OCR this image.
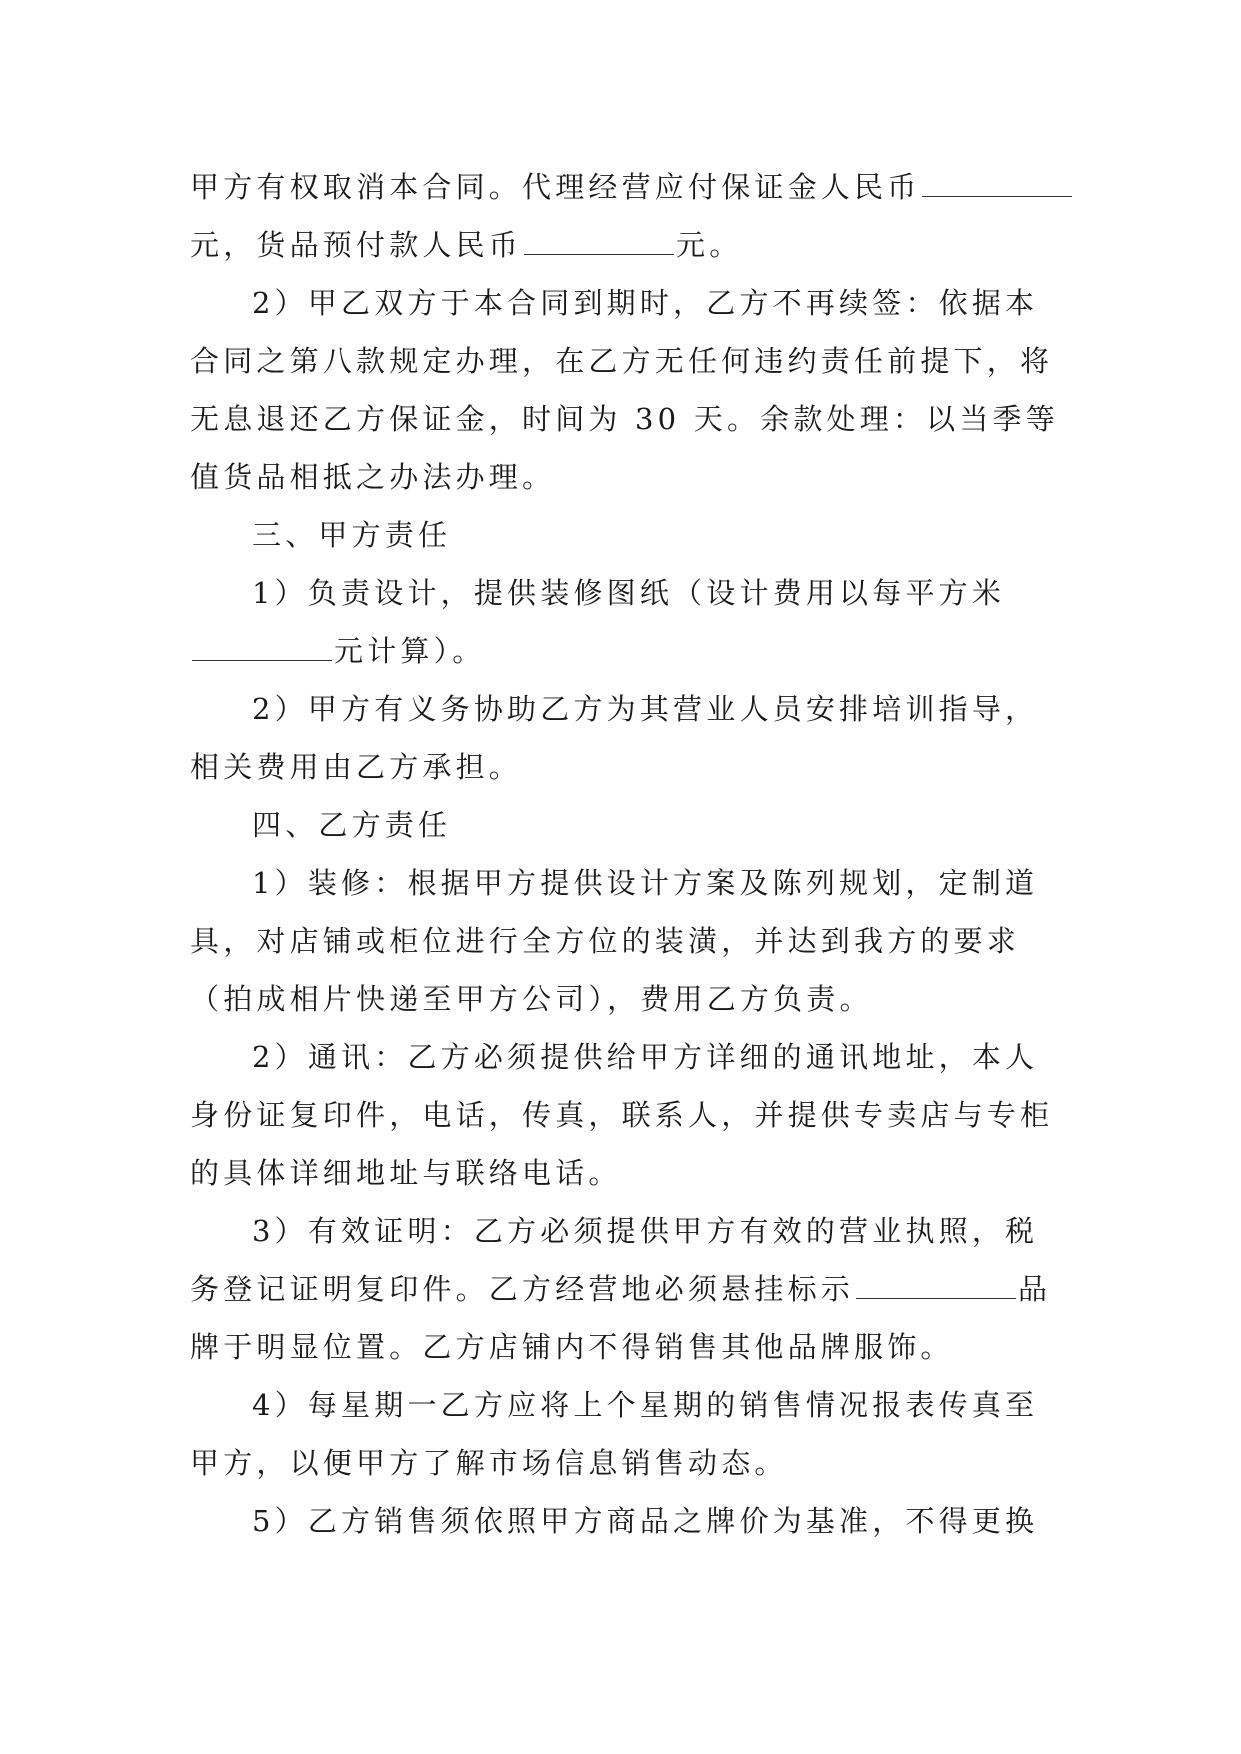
甲方有权取消本合同。代理经营应付保证金人民币
元，货品预付款人民币	元。
2）甲乙双方于本合同到期时，乙方不再续签：依据本
合同之第八款规定办理，在乙方无任何违约责任前提下，将
无息退还乙方保证金，时间为 30 天。余款处理：以当季等
值货品相抵之办法办理。
三、甲方责任
1）负责设计，提供装修图纸（设计费用以每平方米
元计算）。
2）甲方有义务协助乙方为其营业人员安排培训指导，
相关费用由乙方承担。
四、乙方责任
1）装修：根据甲方提供设计方案及陈列规划，定制道
具，对店铺或柜位进行全方位的装潢，并达到我方的要求
（拍成相片快递至甲方公司），费用乙方负责。
2）通讯：乙方必须提供给甲方详细的通讯地址，本人
身份证复印件，电话，传真，联系人，并提供专卖店与专柜
的具体详细地址与联络电话。
3）有效证明：乙方必须提供甲方有效的营业执照，税
务登记证明复印件。乙方经营地必须悬挂标示	品
牌于明显位置。乙方店铺内不得销售其他品牌服饰。
4）每星期一乙方应将上个星期的销售情况报表传真至
甲方，以便甲方了解市场信息销售动态。
5）乙方销售须依照甲方商品之牌价为基准，不得更换
